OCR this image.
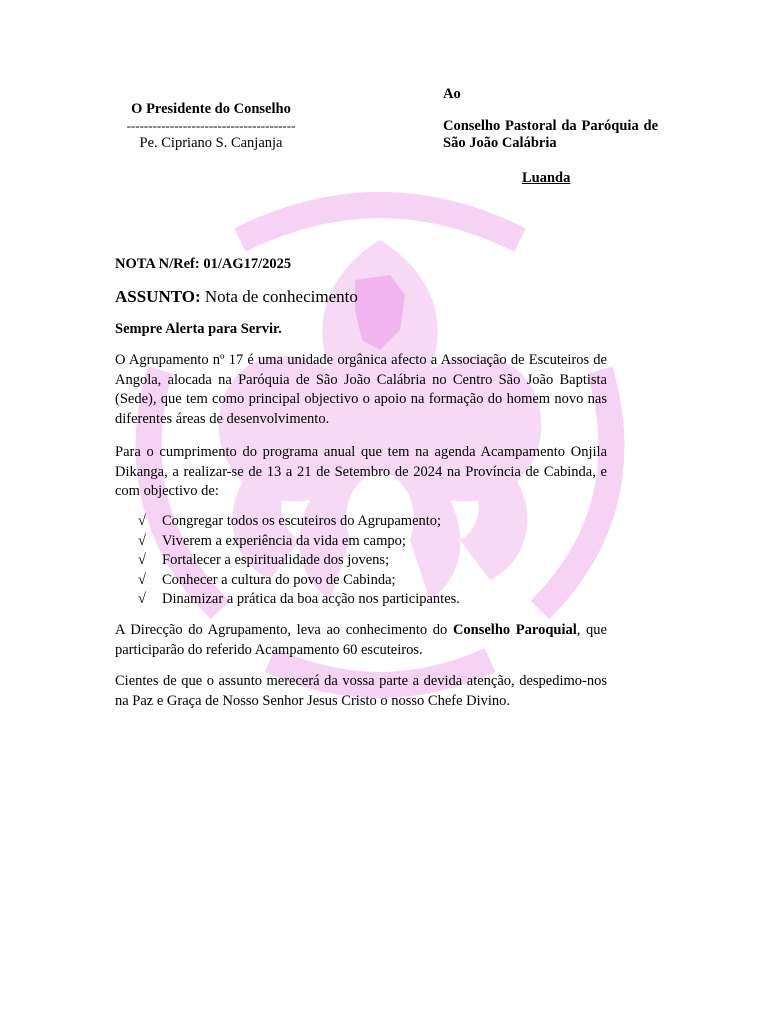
O Presidente do Conselho
---------------------------------------
Pe. Cipriano S. Canjanja
Ao
Conselho Pastoral da Paróquia de São João Calábria
Luanda
NOTA N/Ref: 01/AG17/2025
ASSUNTO: Nota de conhecimento
Sempre Alerta para Servir.
O Agrupamento nº 17 é uma unidade orgânica afecto a Associação de Escuteiros de Angola, alocada na Paróquia de São João Calábria no Centro São João Baptista (Sede), que tem como principal objectivo o apoio na formação do homem novo nas diferentes áreas de desenvolvimento.
Para o cumprimento do programa anual que tem na agenda Acampamento Onjila Dikanga, a realizar-se de 13 a 21 de Setembro de 2024 na Província de Cabinda, e com objectivo de:
√	Congregar todos os escuteiros do Agrupamento;
√	Viverem a experiência da vida em campo;
√	Fortalecer a espiritualidade dos jovens;
√	Conhecer a cultura do povo de Cabinda;
√	Dinamizar a prática da boa acção nos participantes.
A Direcção do Agrupamento, leva ao conhecimento do Conselho Paroquial, que participarão do referido Acampamento 60 escuteiros.
Cientes de que o assunto merecerá da vossa parte a devida atenção, despedimo-nos na Paz e Graça de Nosso Senhor Jesus Cristo o nosso Chefe Divino.
